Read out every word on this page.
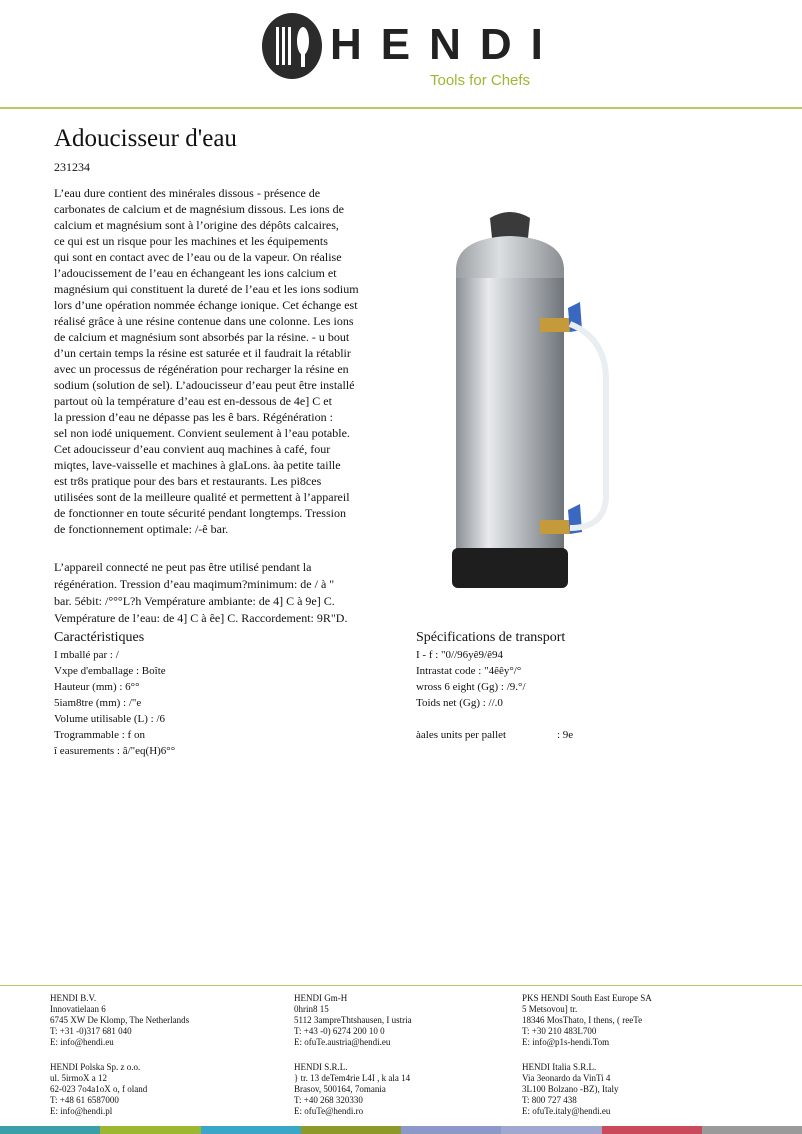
HENDI
Tools for Chefs
Adoucisseur d'eau
231234
L’eau dure contient des minérales dissous - présence de
carbonates de calcium et de magnésium dissous. Les ions de
calcium et magnésium sont à l’origine des dépôts calcaires,
ce qui est un risque pour les machines et les équipements
qui sont en contact avec de l’eau ou de la vapeur. On réalise
l’adoucissement de l’eau en échangeant les ions calcium et
magnésium qui constituent la dureté de l’eau et les ions sodium
lors d’une opération nommée échange ionique. Cet échange est
réalisé grâce à une résine contenue dans une colonne. Les ions
de calcium et magnésium sont absorbés par la résine. - u bout
d’un certain temps la résine est saturée et il faudrait la rétablir
avec un processus de régénération pour recharger la résine en
sodium (solution de sel). L’adoucisseur d’eau peut être installé
partout où la température d’eau est en-dessous de 4e] C et
la pression d’eau ne dépasse pas les ê bars. Régénération :
sel non iodé uniquement. Convient seulement à l’eau potable.
Cet adoucisseur d’eau convient auq machines à café, four
miqtes, lave-vaisselle et machines à glaLons. àa petite taille
est tr8s pratique pour des bars et restaurants. Les pi8ces
utilisées sont de la meilleure qualité et permettent à l’appareil
de fonctionner en toute sécurité pendant longtemps. Tression
de fonctionnement optimale: /-ê bar.
L’appareil connecté ne peut pas être utilisé pendant la
régénération. Tression d’eau maqimum?minimum: de / à "
bar. 5ébit: /°°°L?h Vempérature ambiante: de 4] C à 9e] C.
Vempérature de l’eau: de 4] C à êe] C. Raccordement: 9R"D.
Caractéristiques
I mballé par : /
Vxpe d'emballage : Boîte
Hauteur (mm) : 6°°
5iam8tre (mm) : /"e
Volume utilisable (L) : /6
Trogrammable : f on
î easurements : â/"eq(H)6°°
Spécifications de transport
I - f : "0//96yê9/ê94
Intrastat code : "4êêy°/°
wross 6 eight (Gg) : /9.°/
Toids net (Gg) : //.0
àales units per pallet	: 9e
HENDI B.V.
Innovatielaan 6
6745 XW De Klomp, The Netherlands
T: +31 -0)317 681 040
E: info@hendi.eu
HENDI Polska Sp. z o.o.
ul. 5irmoX a 12
62-023 7o4a1oX o, f oland
T: +48 61 6587000
E: info@hendi.pl
HENDI Gm-H
0hrin8 15
5112 3ampreThtshausen, I ustria
T: +43 -0) 6274 200 10 0
E: ofuTe.austria@hendi.eu
HENDI S.R.L.
} tr. 13 deTem4rie L4I , k ala 14
Brasov, 500164, 7omania
T: +40 268 320330
E: ofuTe@hendi.ro
PKS HENDI South East Europe SA
5 Metsovou] tr.
18346 MosThato, I thens, ( reeTe
T: +30 210 483L700
E: info@p1s-hendi.Tom
HENDI Italia S.R.L.
Via 3eonardo da VinTi 4
3L100 Bolzano -BZ), Italy
T: 800 727 438
E: ofuTe.italy@hendi.eu
